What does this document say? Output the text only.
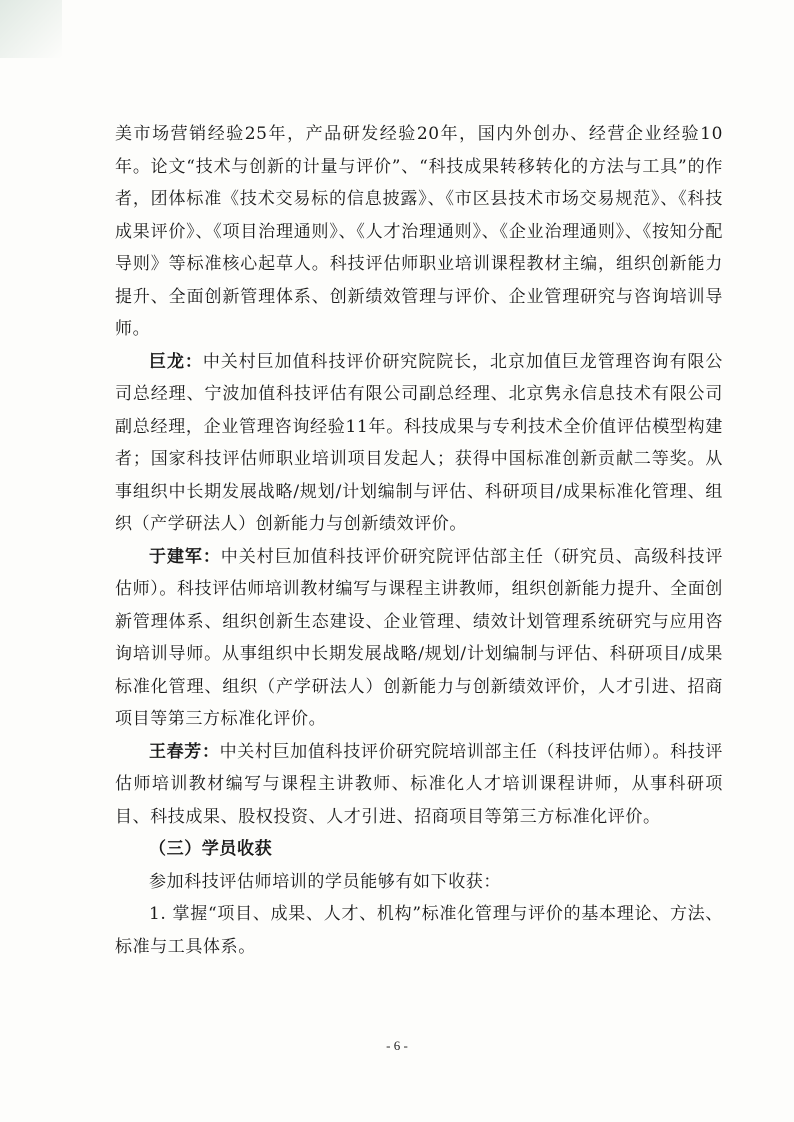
美市场营销经验25年，产品研发经验20年，国内外创办、经营企业经验10年。论文“技术与创新的计量与评价”、“科技成果转移转化的方法与工具”的作者，团体标准《技术交易标的信息披露》、《市区县技术市场交易规范》、《科技成果评价》、《项目治理通则》、《人才治理通则》、《企业治理通则》、《按知分配导则》等标准核心起草人。科技评估师职业培训课程教材主编，组织创新能力提升、全面创新管理体系、创新绩效管理与评价、企业管理研究与咨询培训导师。

巨龙：中关村巨加值科技评价研究院院长，北京加值巨龙管理咨询有限公司总经理、宁波加值科技评估有限公司副总经理、北京隽永信息技术有限公司副总经理，企业管理咨询经验11年。科技成果与专利技术全价值评估模型构建者；国家科技评估师职业培训项目发起人；获得中国标准创新贡献二等奖。从事组织中长期发展战略/规划/计划编制与评估、科研项目/成果标准化管理、组织（产学研法人）创新能力与创新绩效评价。

于建军：中关村巨加值科技评价研究院评估部主任（研究员、高级科技评估师）。科技评估师培训教材编写与课程主讲教师，组织创新能力提升、全面创新管理体系、组织创新生态建设、企业管理、绩效计划管理系统研究与应用咨询培训导师。从事组织中长期发展战略/规划/计划编制与评估、科研项目/成果标准化管理、组织（产学研法人）创新能力与创新绩效评价，人才引进、招商项目等第三方标准化评价。

王春芳：中关村巨加值科技评价研究院培训部主任（科技评估师）。科技评估师培训教材编写与课程主讲教师、标准化人才培训课程讲师，从事科研项目、科技成果、股权投资、人才引进、招商项目等第三方标准化评价。

（三）学员收获

参加科技评估师培训的学员能够有如下收获：

1. 掌握“项目、成果、人才、机构”标准化管理与评价的基本理论、方法、标准与工具体系。

- 6 -
